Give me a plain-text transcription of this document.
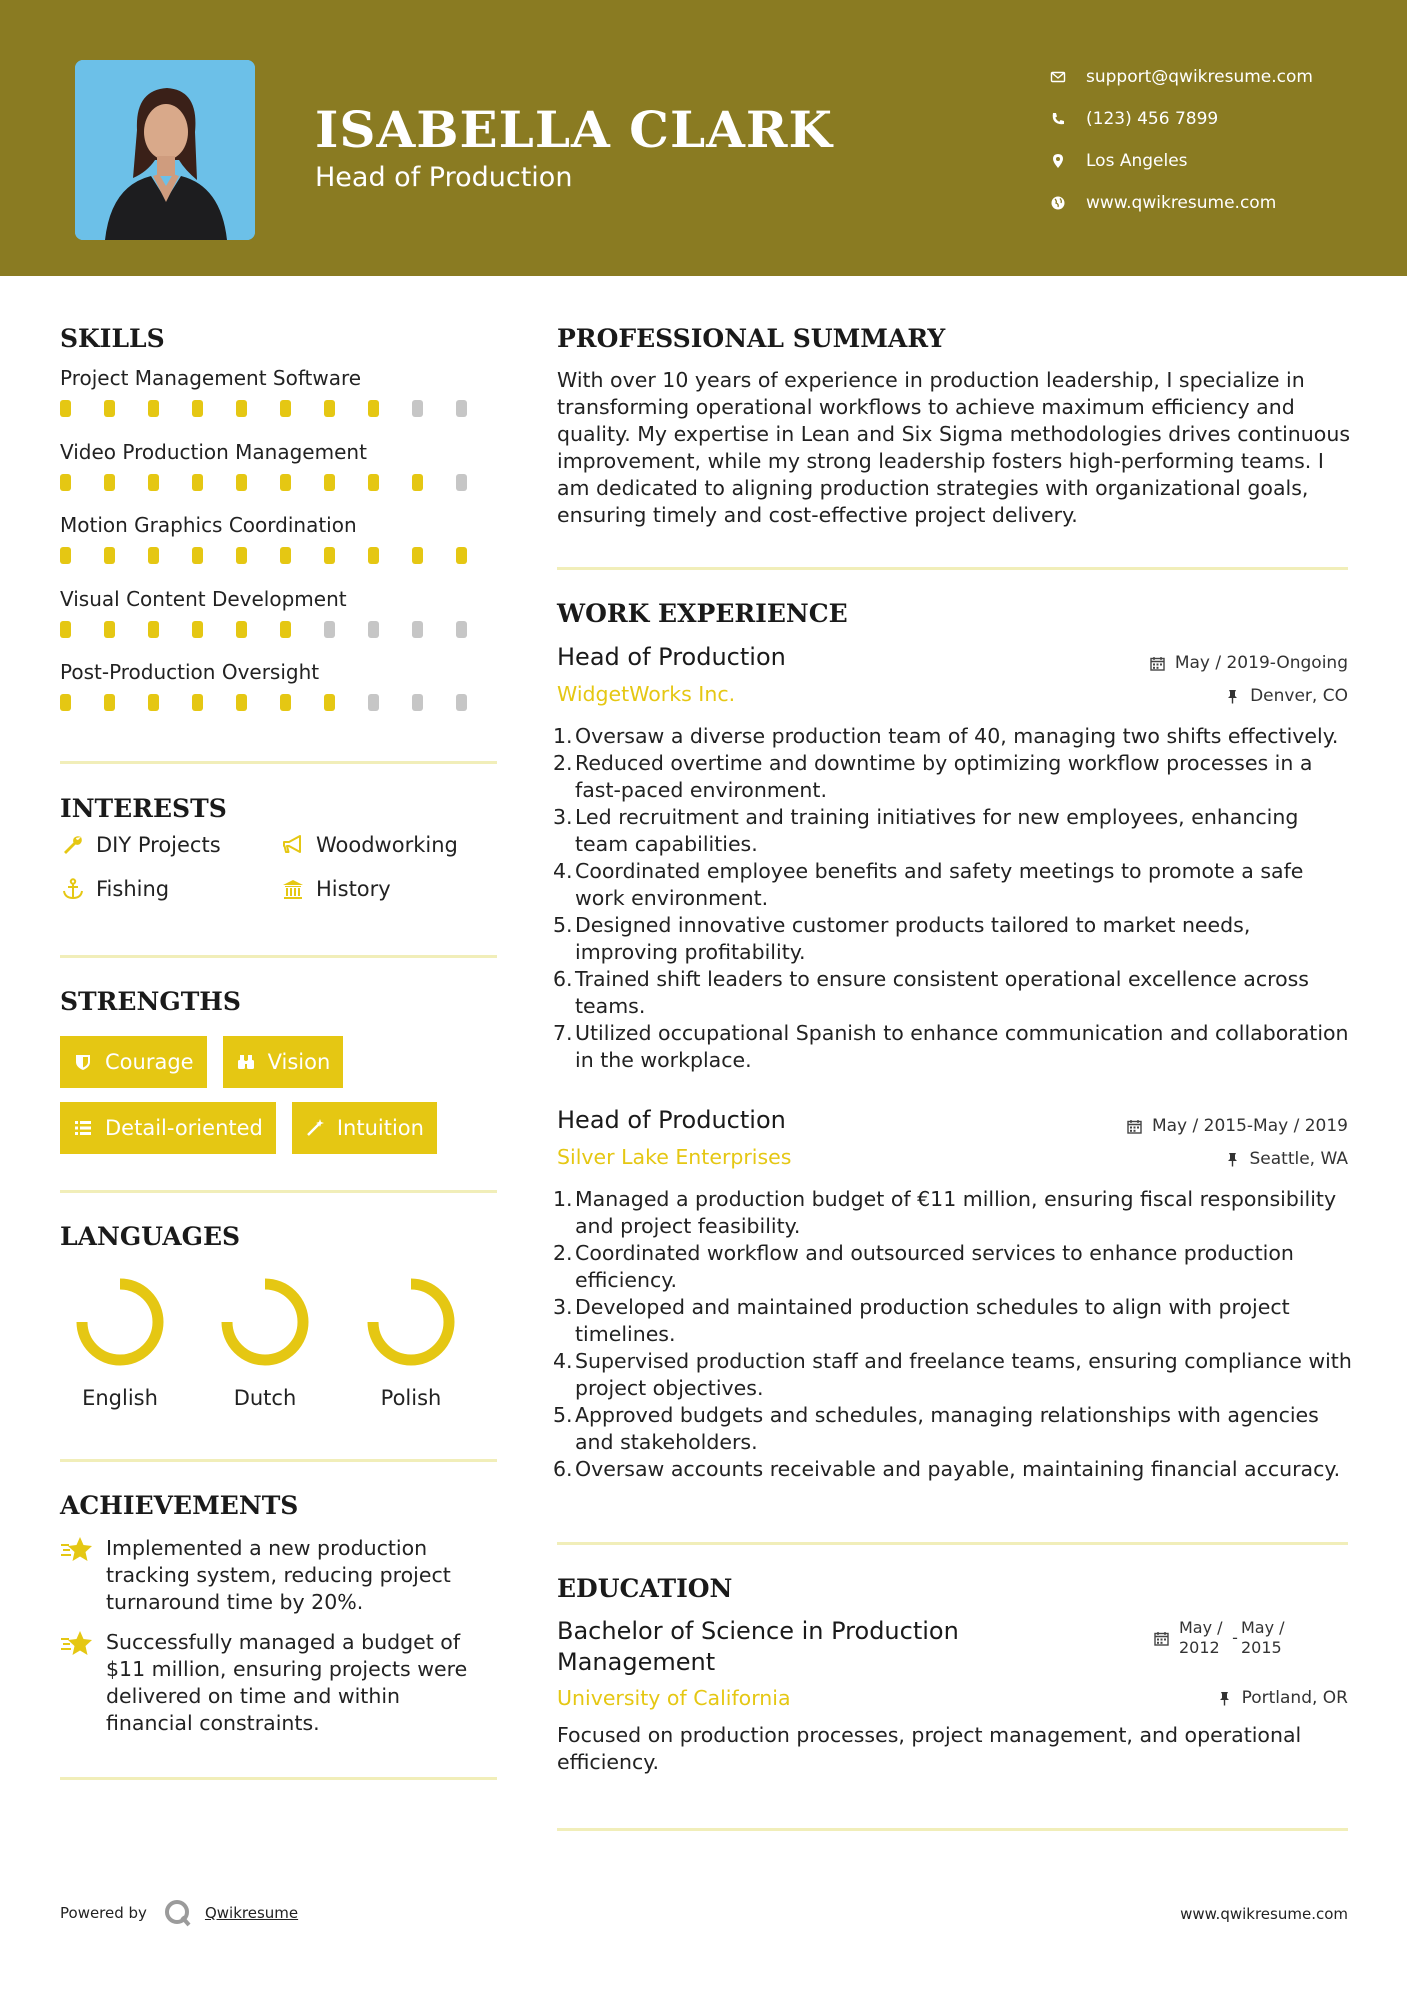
ISABELLA CLARK
Head of Production
support@qwikresume.com
(123) 456 7899
Los Angeles
www.qwikresume.com
SKILLS
Project Management Software
Video Production Management
Motion Graphics Coordination
Visual Content Development
Post-Production Oversight
INTERESTS
DIY Projects	Woodworking
Fishing	History
STRENGTHS
Courage	Vision
Detail-oriented	Intuition
LANGUAGES
English	Dutch	Polish
ACHIEVEMENTS
Implemented a new production tracking system, reducing project turnaround time by 20%.
Successfully managed a budget of $11 million, ensuring projects were delivered on time and within financial constraints.
PROFESSIONAL SUMMARY
With over 10 years of experience in production leadership, I specialize in transforming operational workflows to achieve maximum efficiency and quality. My expertise in Lean and Six Sigma methodologies drives continuous improvement, while my strong leadership fosters high-performing teams. I am dedicated to aligning production strategies with organizational goals, ensuring timely and cost-effective project delivery.
WORK EXPERIENCE
Head of Production	May / 2019-Ongoing
WidgetWorks Inc.	Denver, CO
1. Oversaw a diverse production team of 40, managing two shifts effectively.
2. Reduced overtime and downtime by optimizing workflow processes in a fast-paced environment.
3. Led recruitment and training initiatives for new employees, enhancing team capabilities.
4. Coordinated employee benefits and safety meetings to promote a safe work environment.
5. Designed innovative customer products tailored to market needs, improving profitability.
6. Trained shift leaders to ensure consistent operational excellence across teams.
7. Utilized occupational Spanish to enhance communication and collaboration in the workplace.
Head of Production	May / 2015-May / 2019
Silver Lake Enterprises	Seattle, WA
1. Managed a production budget of €11 million, ensuring fiscal responsibility and project feasibility.
2. Coordinated workflow and outsourced services to enhance production efficiency.
3. Developed and maintained production schedules to align with project timelines.
4. Supervised production staff and freelance teams, ensuring compliance with project objectives.
5. Approved budgets and schedules, managing relationships with agencies and stakeholders.
6. Oversaw accounts receivable and payable, maintaining financial accuracy.
EDUCATION
Bachelor of Science in Production
Management
May / 2012
-
May / 2015
University of California	Portland, OR
Focused on production processes, project management, and operational efficiency.
Powered by	Qwikresume	www.qwikresume.com
